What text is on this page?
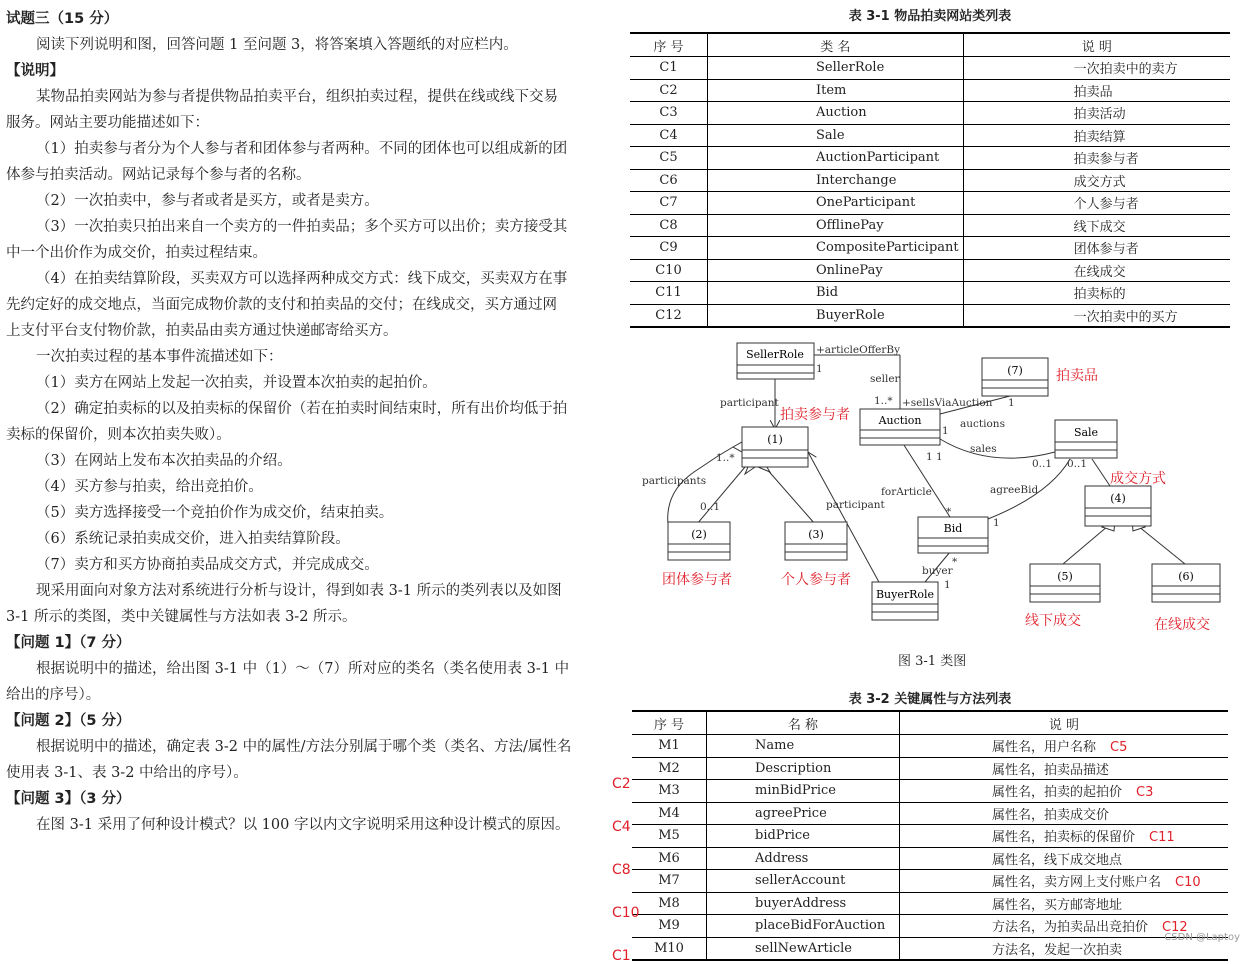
试题三（15 分）
阅读下列说明和图，回答问题 1 至问题 3，将答案填入答题纸的对应栏内。
【说明】
某物品拍卖网站为参与者提供物品拍卖平台，组织拍卖过程，提供在线或线下交易
服务。网站主要功能描述如下：
（1）拍卖参与者分为个人参与者和团体参与者两种。不同的团体也可以组成新的团
体参与拍卖活动。网站记录每个参与者的名称。
（2）一次拍卖中，参与者或者是买方，或者是卖方。
（3）一次拍卖只拍出来自一个卖方的一件拍卖品；多个买方可以出价；卖方接受其
中一个出价作为成交价，拍卖过程结束。
（4）在拍卖结算阶段，买卖双方可以选择两种成交方式：线下成交，买卖双方在事
先约定好的成交地点，当面完成物价款的支付和拍卖品的交付；在线成交，买方通过网
上支付平台支付物价款，拍卖品由卖方通过快递邮寄给买方。
一次拍卖过程的基本事件流描述如下：
（1）卖方在网站上发起一次拍卖，并设置本次拍卖的起拍价。
（2）确定拍卖标的以及拍卖标的保留价（若在拍卖时间结束时，所有出价均低于拍
卖标的保留价，则本次拍卖失败）。
（3）在网站上发布本次拍卖品的介绍。
（4）买方参与拍卖，给出竞拍价。
（5）卖方选择接受一个竞拍价作为成交价，结束拍卖。
（6）系统记录拍卖成交价，进入拍卖结算阶段。
（7）卖方和买方协商拍卖品成交方式，并完成成交。
现采用面向对象方法对系统进行分析与设计，得到如表 3-1 所示的类列表以及如图
3-1 所示的类图，类中关键属性与方法如表 3-2 所示。
【问题 1】（7 分）
根据说明中的描述，给出图 3-1 中（1）～（7）所对应的类名（类名使用表 3-1 中
给出的序号）。
【问题 2】（5 分）
根据说明中的描述，确定表 3-2 中的属性/方法分别属于哪个类（类名、方法/属性名
使用表 3-1、表 3-2 中给出的序号）。
【问题 3】（3 分）
在图 3-1 采用了何种设计模式？以 100 字以内文字说明采用这种设计模式的原因。
表 3-1 物品拍卖网站类列表
序 号	类 名	说 明
C1	SellerRole	一次拍卖中的卖方
C2	Item	拍卖品
C3	Auction	拍卖活动
C4	Sale	拍卖结算
C5	AuctionParticipant	拍卖参与者
C6	Interchange	成交方式
C7	OneParticipant	个人参与者
C8	OfflinePay	线下成交
C9	CompositeParticipant	团体参与者
C10	OnlinePay	在线成交
C11	Bid	拍卖标的
C12	BuyerRole	一次拍卖中的买方
SellerRole
Auction
(7)
Sale
(1)
(2)	(3)	Bid
(4)
(5)	(6)
BuyerRole
+articleOfferBy
1
seller
1..* +sellsViaAuction 1
participant
auctions
1
1 1
sales
0..1 0..1
1..*
participants
0..1	participant
forArticle	agreeBid
*
1
*
buyer
1
拍卖品
拍卖参与者
成交方式
团体参与者	个人参与者
线下成交	在线成交
图 3-1 类图
表 3-2 关键属性与方法列表
序 号	名 称	说 明
M1	Name	属性名，用户名称 C5
M2	Description	属性名，拍卖品描述
M3	minBidPrice	属性名，拍卖的起拍价 C3
M4	agreePrice	属性名，拍卖成交价
M5	bidPrice	属性名，拍卖标的保留价 C11
M6	Address	属性名，线下成交地点
M7	sellerAccount	属性名，卖方网上支付账户名 C10
M8	buyerAddress	属性名，买方邮寄地址
M9	placeBidForAuction	方法名，为拍卖品出竞拍价 C12
M10	sellNewArticle	方法名，发起一次拍卖
C2
C4
C8
C10
C1
CSDN @Laptoy
